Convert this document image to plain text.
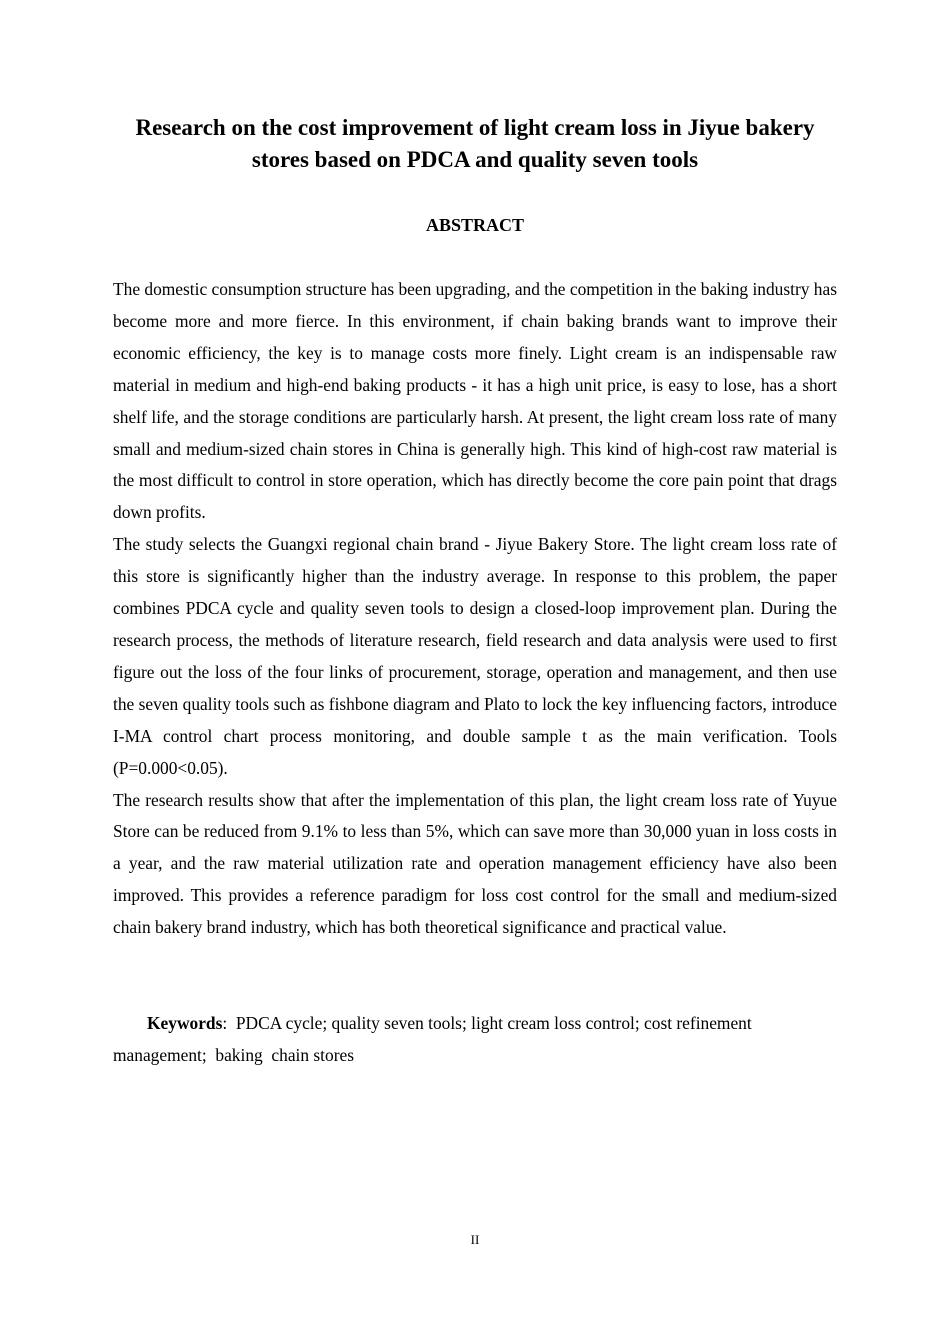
Research on the cost improvement of light cream loss in Jiyue bakery stores based on PDCA and quality seven tools
ABSTRACT

The domestic consumption structure has been upgrading, and the competition in the baking industry has become more and more fierce. In this environment, if chain baking brands want to improve their economic efficiency, the key is to manage costs more finely. Light cream is an indispensable raw material in medium and high-end baking products - it has a high unit price, is easy to lose, has a short shelf life, and the storage conditions are particularly harsh. At present, the light cream loss rate of many small and medium-sized chain stores in China is generally high. This kind of high-cost raw material is the most difficult to control in store operation, which has directly become the core pain point that drags down profits.

The study selects the Guangxi regional chain brand - Jiyue Bakery Store. The light cream loss rate of this store is significantly higher than the industry average. In response to this problem, the paper combines PDCA cycle and quality seven tools to design a closed-loop improvement plan. During the research process, the methods of literature research, field research and data analysis were used to first figure out the loss of the four links of procurement, storage, operation and management, and then use the seven quality tools such as fishbone diagram and Plato to lock the key influencing factors, introduce I-MA control chart process monitoring, and double sample t as the main verification. Tools (P=0.000<0.05).

The research results show that after the implementation of this plan, the light cream loss rate of Yuyue Store can be reduced from 9.1% to less than 5%, which can save more than 30,000 yuan in loss costs in a year, and the raw material utilization rate and operation management efficiency have also been improved. This provides a reference paradigm for loss cost control for the small and medium-sized chain bakery brand industry, which has both theoretical significance and practical value.

Keywords:  PDCA cycle; quality seven tools; light cream loss control; cost refinement management;  baking  chain stores

II
